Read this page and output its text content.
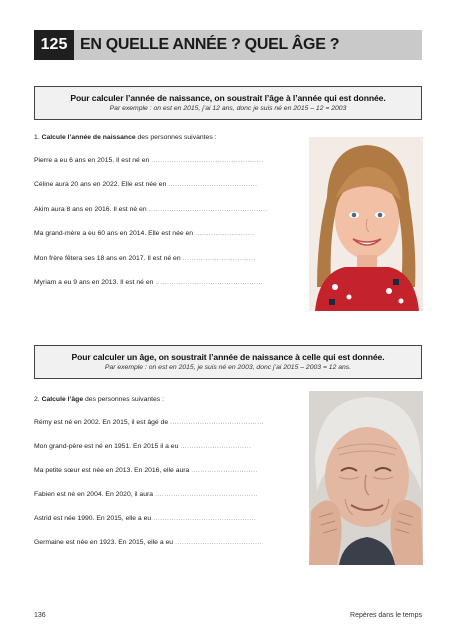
125 EN QUELLE ANNÉE ? QUEL ÂGE ?
Pour calculer l’année de naissance, on soustrait l’âge à l’année qui est donnée.
Par exemple : on est en 2015, j’ai 12 ans, donc je suis né en 2015 – 12 = 2003
1. Calcule l’année de naissance des personnes suivantes :
Pierre a eu 6 ans en 2015. Il est né en .................................................
Céline aura 20 ans en 2022. Elle est née en .......................................
Akim aura 8 ans en 2016. Il est né en ....................................................
Ma grand-mère a eu 60 ans en 2014. Elle est née en ..........................
Mon frère fêtera ses 18 ans en 2017. Il est né en ................................
Myriam a eu 9 ans en 2013. Il est né en ...............................................
Pour calculer un âge, on soustrait l’année de naissance à celle qui est donnée.
Par exemple : on est en 2015, je suis né en 2003, donc j’ai 2015 – 2003 = 12 ans.
2. Calcule l’âge des personnes suivantes :
Rémy est né en 2002. En 2015, il est âgé de .........................................
Mon grand-père est né en 1951. En 2015 il a eu ...............................
Ma petite sœur est née en 2013. En 2016, elle aura .............................
Fabien est né en 2004. En 2020, il aura .............................................
Astrid est née 1990. En 2015, elle a eu .............................................
Germaine est née en 1923. En 2015, elle a eu ......................................
136	Repères dans le temps
